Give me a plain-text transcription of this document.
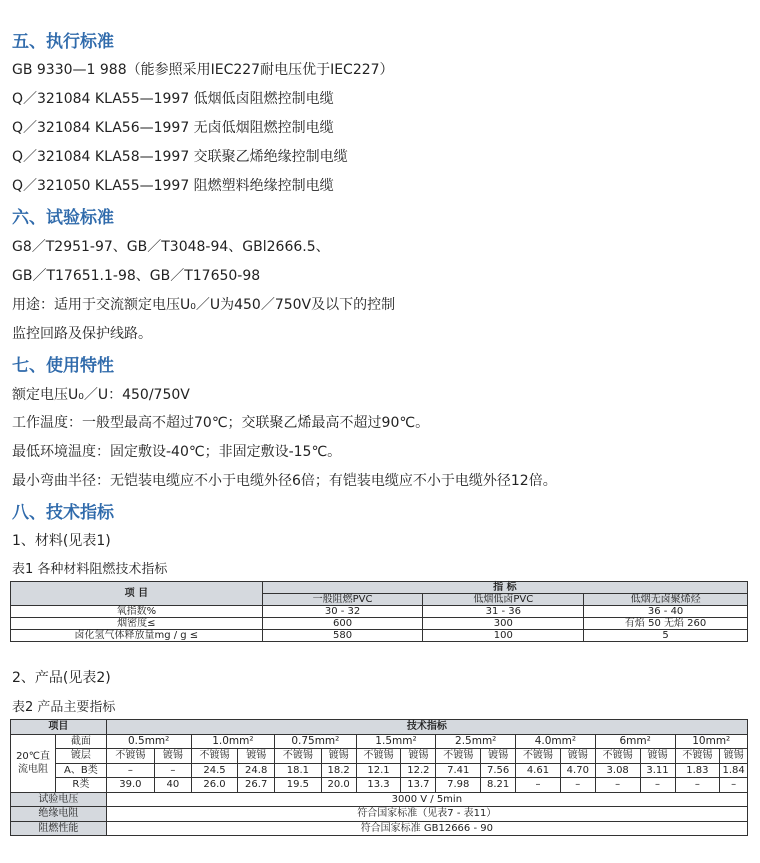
五、执行标准

GB 9330—1 988（能参照采用IEC227耐电压优于IEC227）

Q／321084 KLA55—1997 低烟低卤阻燃控制电缆

Q／321084 KLA56—1997 无卤低烟阻燃控制电缆

Q／321084 KLA58—1997 交联聚乙烯绝缘控制电缆

Q／321050 KLA55—1997 阻燃塑料绝缘控制电缆

六、试验标准

G8／T2951-97、GB／T3048-94、GBl2666.5、

GB／T17651.1-98、GB／T17650-98

用途：适用于交流额定电压U₀／U为450／750V及以下的控制

监控回路及保护线路。

七、使用特性

额定电压U₀／U：450/750V

工作温度：一般型最高不超过70℃；交联聚乙烯最高不超过90℃。

最低环境温度：固定敷设-40℃；非固定敷设-15℃。

最小弯曲半径：无铠装电缆应不小于电缆外径6倍；有铠装电缆应不小于电缆外径12倍。

八、技术指标

1、材料(见表1)

表1 各种材料阻燃技术指标

项 目	指 标		
	一般阻燃PVC	低烟低卤PVC	低烟无卤聚烯烃
氧指数%	30 - 32	31 - 36	36 - 40
烟密度≤	600	300	有焰 50 无焰 260
卤化氢气体释放量mg / g ≤	580	100	5

2、产品(见表2)

表2 产品主要指标

项目		技术指标															
20℃直
流电阻	截面	0.5mm²		1.0mm²		0.75mm²		1.5mm²		2.5mm²		4.0mm²		6mm²		10mm²	
	镀层	不镀锡	镀锡	不镀锡	镀锡	不镀锡	镀锡	不镀锡	镀锡	不镀锡	镀锡	不镀锡	镀锡	不镀锡	镀锡	不镀锡	镀锡
	A、B类	–	–	24.5	24.8	18.1	18.2	12.1	12.2	7.41	7.56	4.61	4.70	3.08	3.11	1.83	1.84
	R类	39.0	40	26.0	26.7	19.5	20.0	13.3	13.7	7.98	8.21	–	–	–	–	–	–
试验电压		3000 V / 5min															
绝缘电阻		符合国家标准（见表7 - 表11）															
阻燃性能		符合国家标准 GB12666 - 90															
